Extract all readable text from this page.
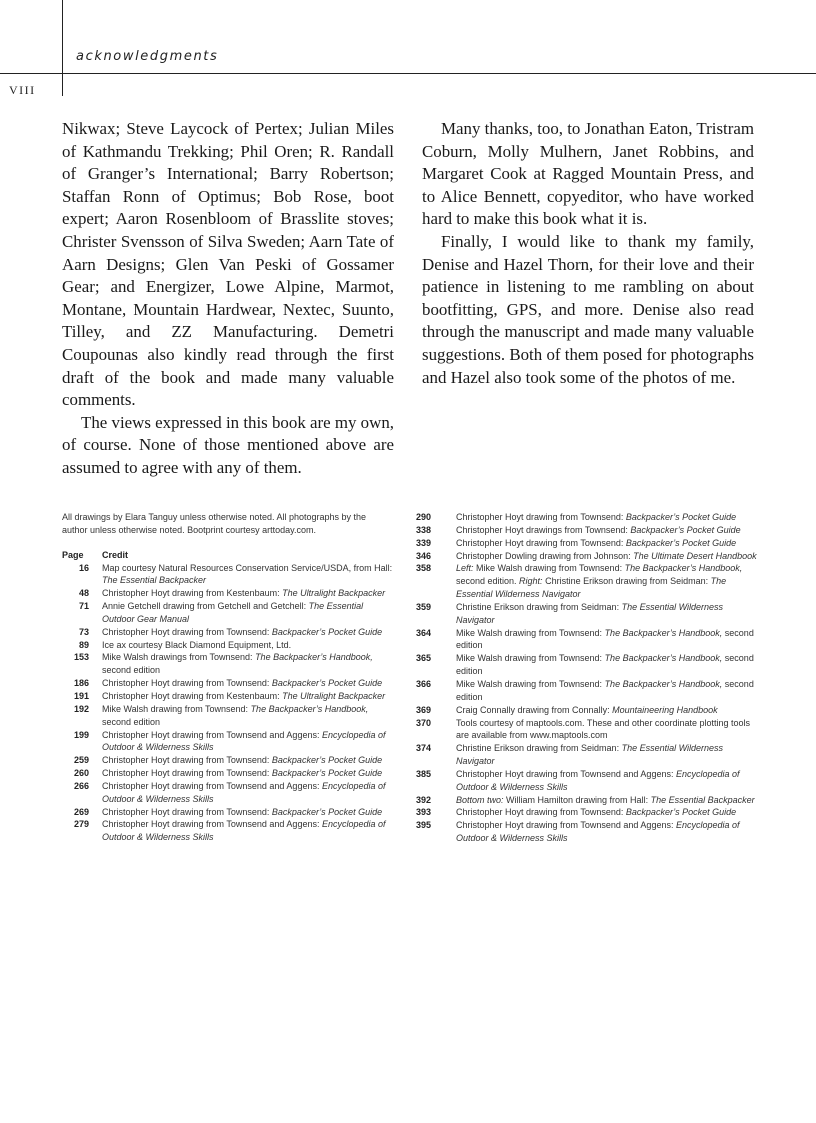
acknowledgments
VIII

Nikwax; Steve Laycock of Pertex; Julian Miles of Kathmandu Trekking; Phil Oren; R. Randall of Granger’s International; Barry Robertson; Staffan Ronn of Optimus; Bob Rose, boot expert; Aaron Rosenbloom of Brasslite stoves; Christer Svensson of Silva Sweden; Aarn Tate of Aarn Designs; Glen Van Peski of Gossamer Gear; and Energizer, Lowe Alpine, Marmot, Montane, Mountain Hardwear, Nextec, Suunto, Tilley, and ZZ Manufacturing. Demetri Coupounas also kindly read through the first draft of the book and made many valuable comments.

The views expressed in this book are my own, of course. None of those mentioned above are assumed to agree with any of them.

Many thanks, too, to Jonathan Eaton, Tristram Coburn, Molly Mulhern, Janet Robbins, and Margaret Cook at Ragged Mountain Press, and to Alice Bennett, copyeditor, who have worked hard to make this book what it is.

Finally, I would like to thank my family, Denise and Hazel Thorn, for their love and their patience in listening to me rambling on about bootfitting, GPS, and more. Denise also read through the manuscript and made many valuable suggestions. Both of them posed for photographs and Hazel also took some of the photos of me.

All drawings by Elara Tanguy unless otherwise noted. All photographs by the author unless otherwise noted. Bootprint courtesy arttoday.com.

Page	Credit
16	Map courtesy Natural Resources Conservation Service/USDA, from Hall: The Essential Backpacker
48	Christopher Hoyt drawing from Kestenbaum: The Ultralight Backpacker
71	Annie Getchell drawing from Getchell and Getchell: The Essential Outdoor Gear Manual
73	Christopher Hoyt drawing from Townsend: Backpacker’s Pocket Guide
89	Ice ax courtesy Black Diamond Equipment, Ltd.
153	Mike Walsh drawings from Townsend: The Backpacker’s Handbook, second edition
186	Christopher Hoyt drawing from Townsend: Backpacker’s Pocket Guide
191	Christopher Hoyt drawing from Kestenbaum: The Ultralight Backpacker
192	Mike Walsh drawing from Townsend: The Backpacker’s Handbook, second edition
199	Christopher Hoyt drawing from Townsend and Aggens: Encyclopedia of Outdoor & Wilderness Skills
259	Christopher Hoyt drawing from Townsend: Backpacker’s Pocket Guide
260	Christopher Hoyt drawing from Townsend: Backpacker’s Pocket Guide
266	Christopher Hoyt drawing from Townsend and Aggens: Encyclopedia of Outdoor & Wilderness Skills
269	Christopher Hoyt drawing from Townsend: Backpacker’s Pocket Guide
279	Christopher Hoyt drawing from Townsend and Aggens: Encyclopedia of Outdoor & Wilderness Skills
290	Christopher Hoyt drawing from Townsend: Backpacker’s Pocket Guide
338	Christopher Hoyt drawings from Townsend: Backpacker’s Pocket Guide
339	Christopher Hoyt drawing from Townsend: Backpacker’s Pocket Guide
346	Christopher Dowling drawing from Johnson: The Ultimate Desert Handbook
358	Left: Mike Walsh drawing from Townsend: The Backpacker’s Handbook, second edition. Right: Christine Erikson drawing from Seidman: The Essential Wilderness Navigator
359	Christine Erikson drawing from Seidman: The Essential Wilderness Navigator
364	Mike Walsh drawing from Townsend: The Backpacker’s Handbook, second edition
365	Mike Walsh drawing from Townsend: The Backpacker’s Handbook, second edition
366	Mike Walsh drawing from Townsend: The Backpacker’s Handbook, second edition
369	Craig Connally drawing from Connally: Mountaineering Handbook
370	Tools courtesy of maptools.com. These and other coordinate plotting tools are available from www.maptools.com
374	Christine Erikson drawing from Seidman: The Essential Wilderness Navigator
385	Christopher Hoyt drawing from Townsend and Aggens: Encyclopedia of Outdoor & Wilderness Skills
392	Bottom two: William Hamilton drawing from Hall: The Essential Backpacker
393	Christopher Hoyt drawing from Townsend: Backpacker’s Pocket Guide
395	Christopher Hoyt drawing from Townsend and Aggens: Encyclopedia of Outdoor & Wilderness Skills
